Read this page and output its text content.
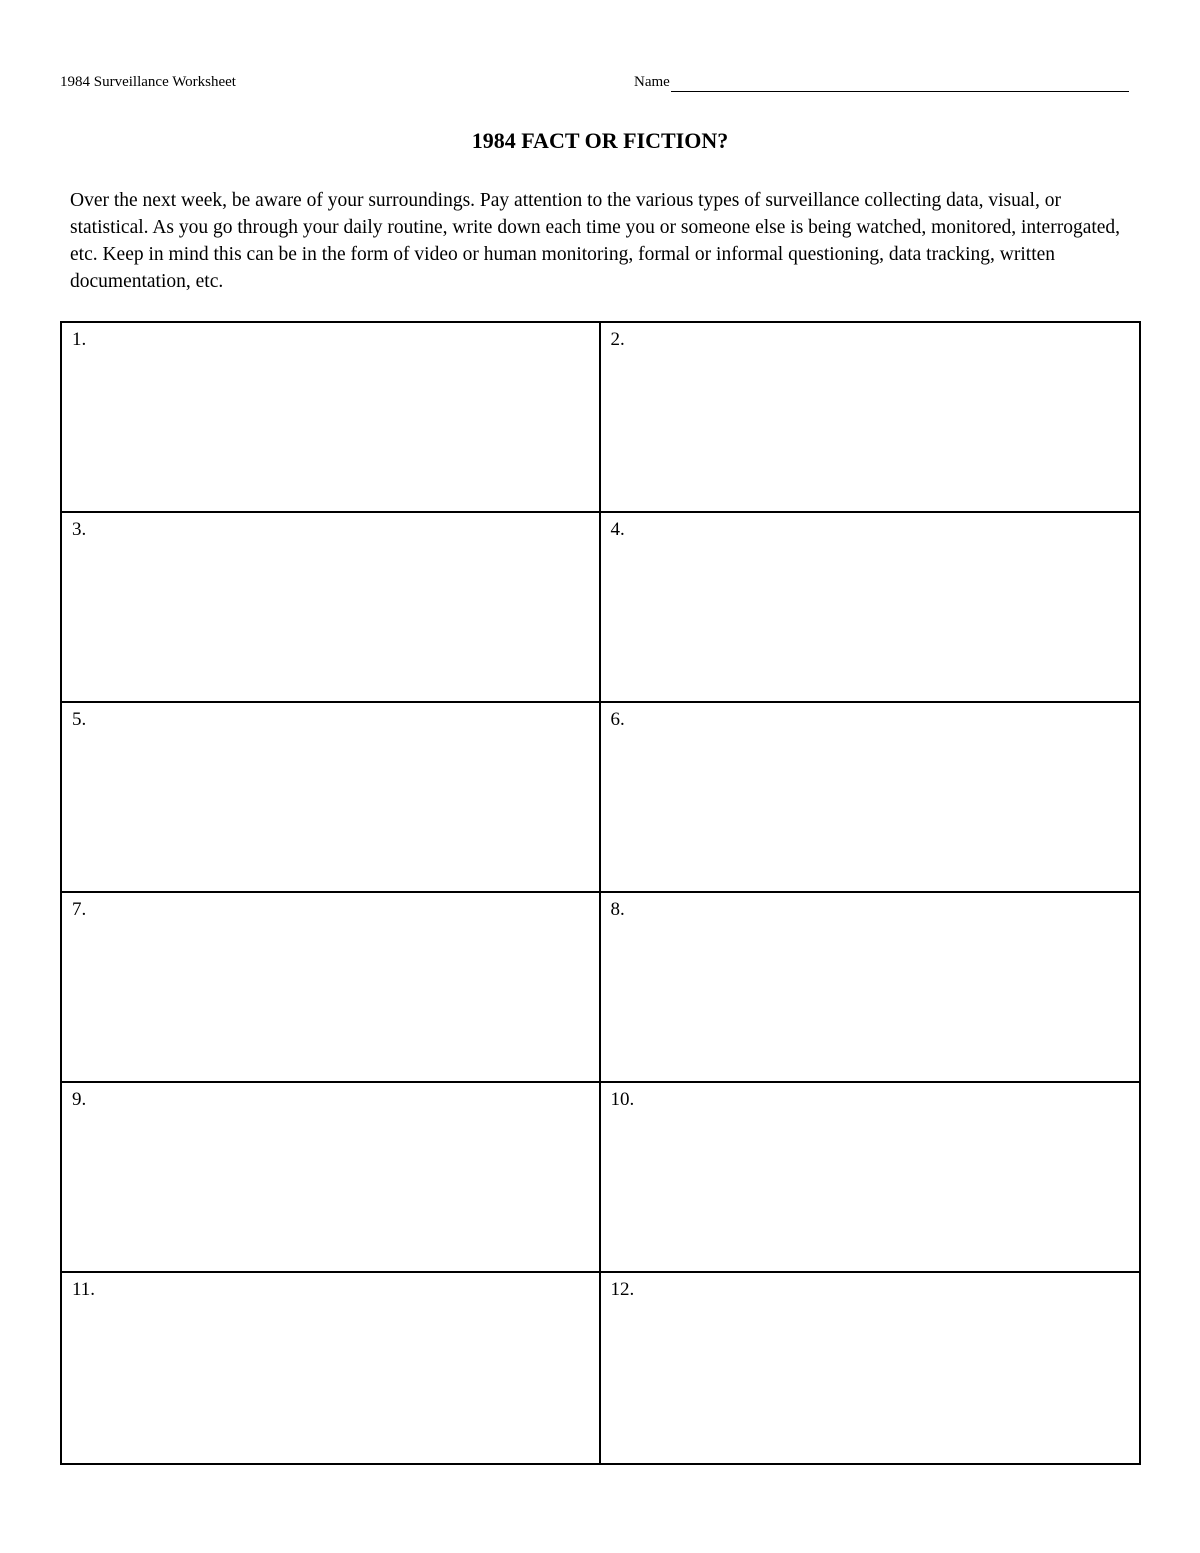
1984 Surveillance Worksheet	Name
1984 FACT OR FICTION?
Over the next week, be aware of your surroundings. Pay attention to the various types of surveillance collecting data, visual, or statistical. As you go through your daily routine, write down each time you or someone else is being watched, monitored, interrogated, etc. Keep in mind this can be in the form of video or human monitoring, formal or informal questioning, data tracking, written documentation, etc.
1.	2.
3.	4.
5.	6.
7.	8.
9.	10.
11.	12.
